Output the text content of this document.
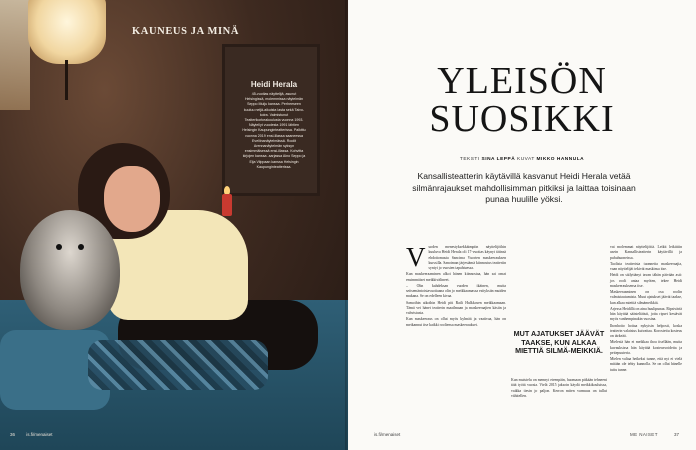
KAUNEUS JA MINÄ
Heidi Herala
45-vuotias näyttelijä, asunut Helsingissä, molemmissa näytelmän Seppo Muiju kanssa. Perheeseen kuuluu neljä-aikuista lasta sekä Taivo-koira. Valmistunut Teatterikorkeakoulusta vuonna 1993. Näytellyt vuodesta 1991 lähtien Helsingin Kaupunginteatterissa. Palkittu vuonna 2019 ensi-illassa saaneessa Eveliinanäytelmässä. Roolit Arennanäytelmän syksyn ensimmäisessä ensi-illassa. Kohvitta kirjojen kanssa -sarjassa Aino Seppo ja Eija Vilppaan kanssa Helsingin Kaupunginteatterissa.
36	is.fi/menaiset
YLEISÖN
SUOSIKKI
TEKSTI SINA LEPPÄ KUVAT MIKKO HANNULA
Kansallisteatterin käytävillä kasvanut Heidi Herala vetää silmänrajaukset mahdollisimman pitkiksi ja laittaa toisinaan punaa huulille yöksi.
V uoden menestyksekkäimpiin näyttelijöihin kuuluva Heidi Herala oli 17-vuotias käynyt tätinsä ehdottomasta Sancima Vuorten maskeerauksen kurssilla. Sanoiman järjestämä kiinnostus teatteriin syntyi jo vuosien tapahtuessa.

Kun maskeeraaminen alkoi hänen kiinnostaa, hän sai omat ensimmäiset meikkivälineet.

– Olin kahdeksan vuoden ikäinen, mutta seitsemäntoistavuotiaana olin jo meikkaamassa esityksiin muiden mukana. Se on edelleen kivaa.

Samoihin aikoihin Heidi piti Raili Hulkkosen meikkaamaan. Tämä vei hänet teatterin maailmaan ja maskeeraajien käsiin ja vahvistusta.

Kun maskeeraus on ollut myös kylmää ja vaativaa, hän on meikannut itse kaikki rooliensa maskeeraukset.

MUT AJATUKSET JÄÄVÄT TAAKSE, KUN ALKAA MIETTIÄ SILMÄ-MEIKKIÄ.

Kun muistelu on mennyt eteenpäin, huomaan pitkään tehneeni tätä työtä vuosia. Vielä 2015 jaksoin käydä meikkikouluissa, vaikka tiesin jo paljon. Kerron miten varmuus on tullut vähitellen.

vat molemmat näyttelijöitä. Leikit leikittiin usein Kansallisteatterin käytävillä ja puhuhuoneissa.

Taolista teatterista tuonnetta maskeeraajia, vaan näyttelijät tekivät maskinsa itse.

Heidi on säilyttänyt tavan tähän päivään asti: jos rooli antaa myöten, tekee Heidi maskeerauksensa itse.

Maskeeraaminen on osa roolin valmistautumista. Muut ajatukset jäävät taakse, kun alkaa miettiä silmämeikkiä.

Arjessa Heidillä on aina huulipunaa. Ripsiväriä hän käyttää säästeliäästi, jotta ripset kestävät myös vanhempinakin vuosina.

Ihonhoito hoitaa nykyisin helposti, koska teatterin valaistus kuivattaa. Korostettu kosteus on tärkeää.

Mielestä hän ei meikkaa ihoa itsellään, mutta kuvauksissa hän käyttää kosteusvoidetta ja peitepuuteria.

Mielen valtaa hetkeksi tunne, että nyt ei vielä mitään ole tehty kunnolla. Se on ollut hänelle tuttu tunne.

is.fi/menaiset	ME NAISET	37
